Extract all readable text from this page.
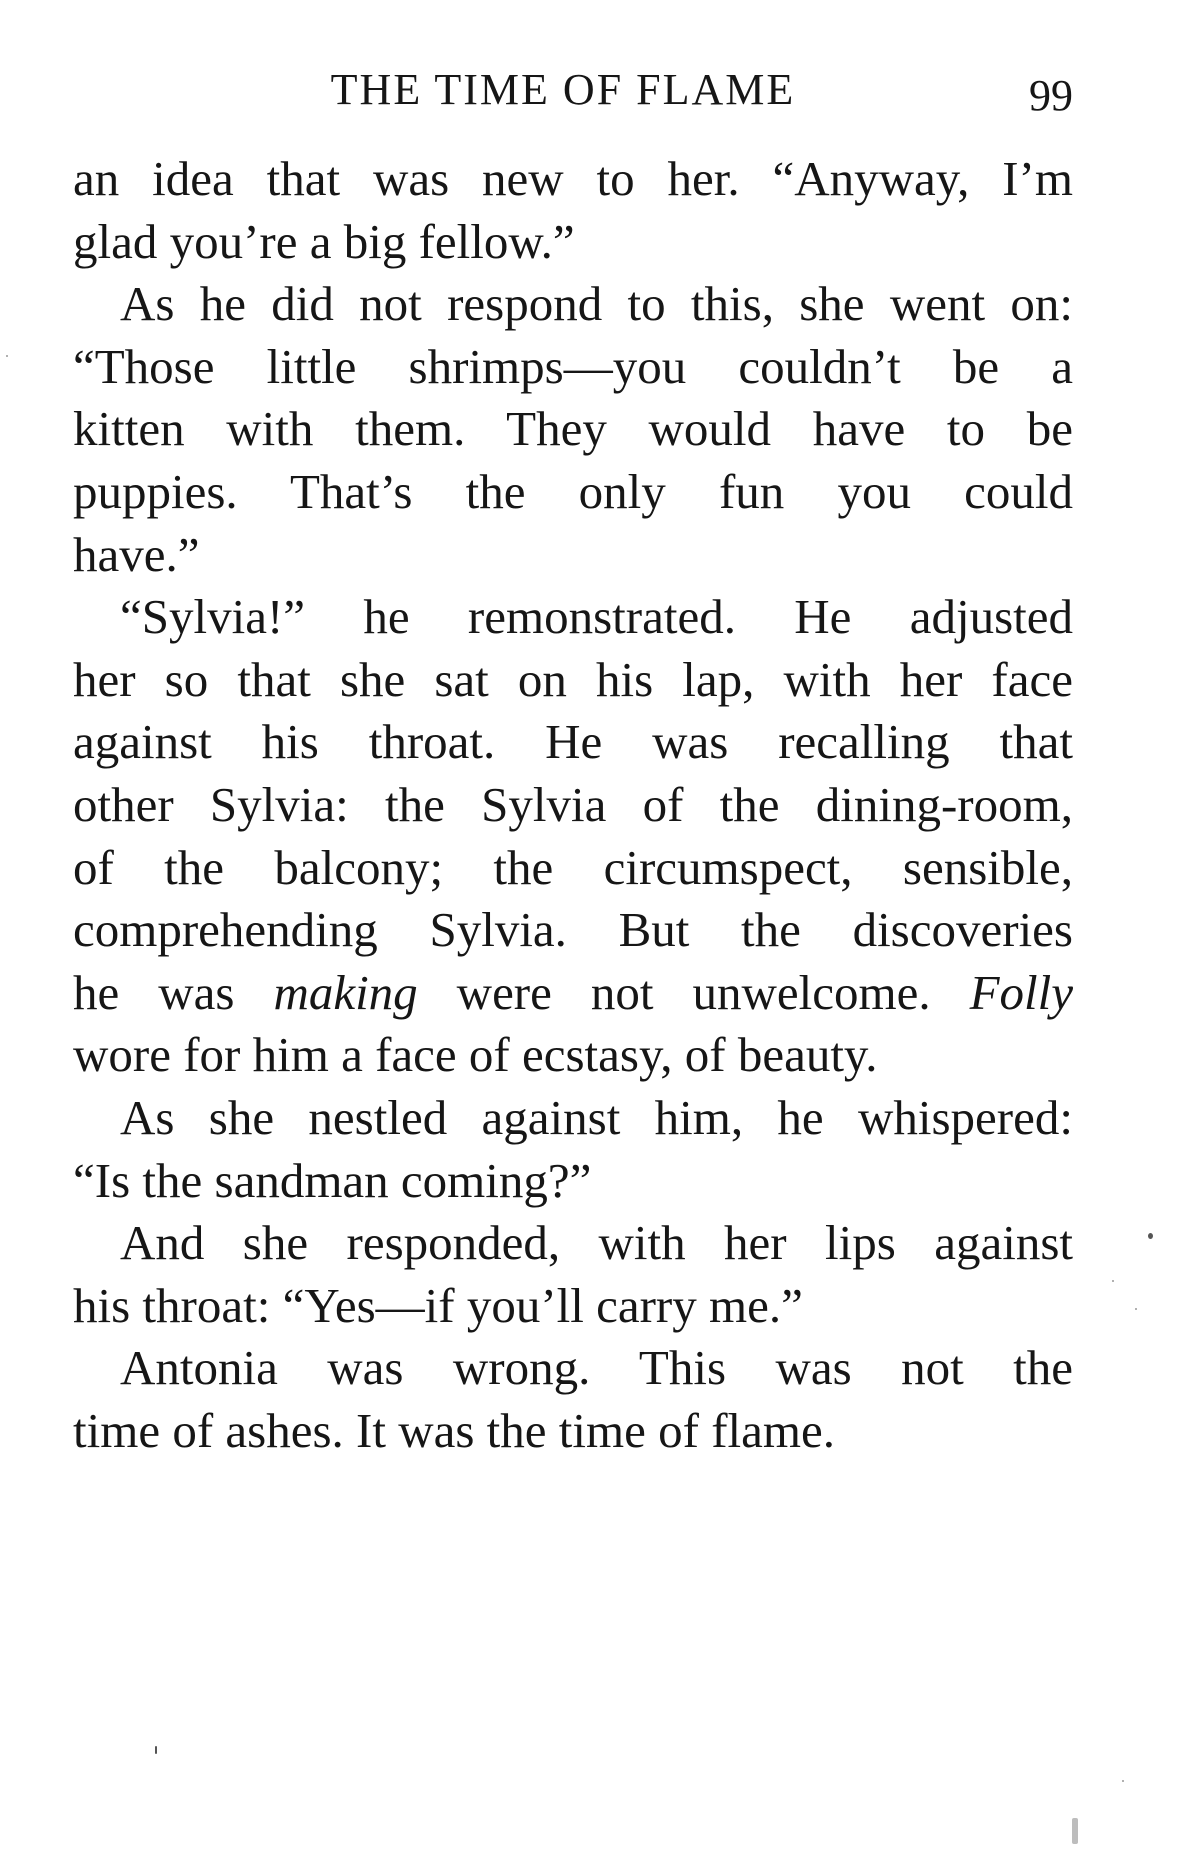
THE TIME OF FLAME	99
an idea that was new to her. “Anyway, I’m
glad you’re a big fellow.”
As he did not respond to this, she went on:
“Those little shrimps—you couldn’t be a
kitten with them. They would have to be
puppies. That’s the only fun you could
have.”
“Sylvia!” he remonstrated. He adjusted
her so that she sat on his lap, with her face
against his throat. He was recalling that
other Sylvia: the Sylvia of the dining-room,
of the balcony; the circumspect, sensible,
comprehending Sylvia. But the discoveries
he was making were not unwelcome. Folly
wore for him a face of ecstasy, of beauty.
As she nestled against him, he whispered:
“Is the sandman coming?”
And she responded, with her lips against
his throat: “Yes—if you’ll carry me.”
Antonia was wrong. This was not the
time of ashes. It was the time of flame.
